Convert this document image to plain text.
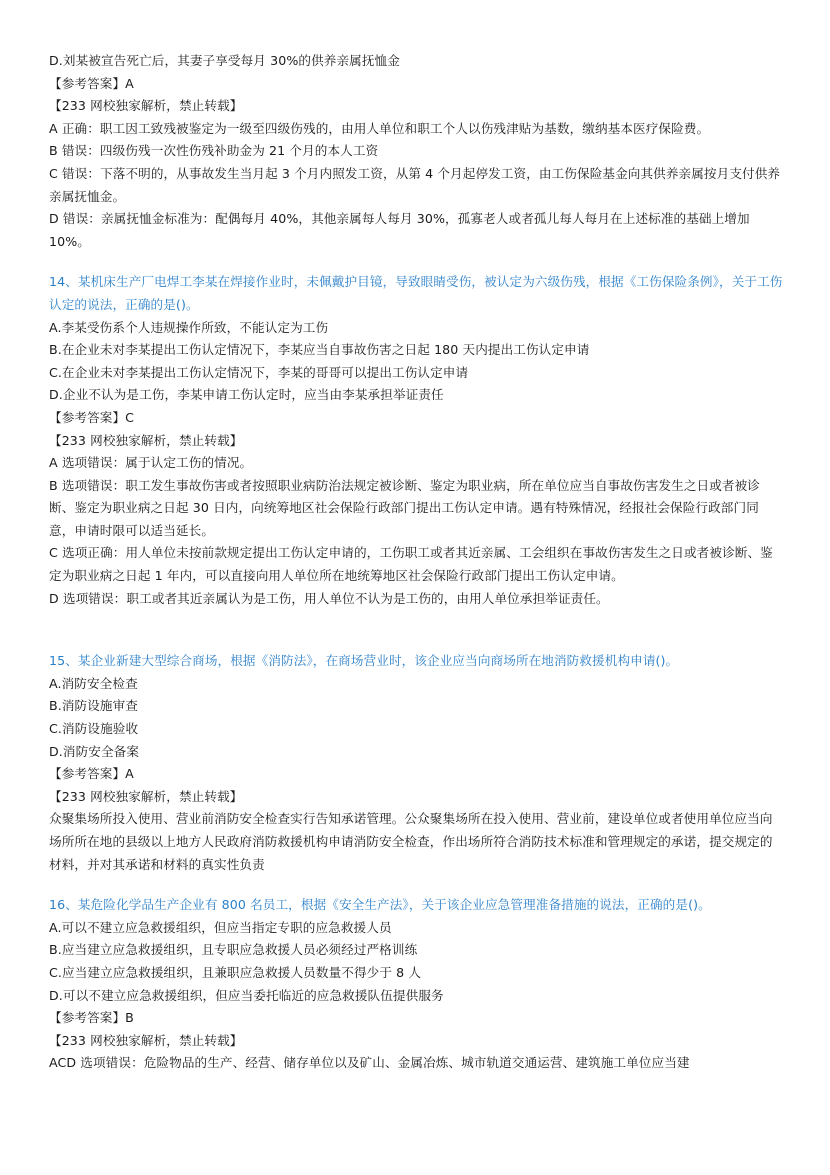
D.刘某被宣告死亡后，其妻子享受每月 30%的供养亲属抚恤金
【参考答案】A
【233 网校独家解析，禁止转载】
A 正确：职工因工致残被鉴定为一级至四级伤残的，由用人单位和职工个人以伤残津贴为基数，缴纳基本医疗保险费。
B 错误：四级伤残一次性伤残补助金为 21 个月的本人工资
C 错误：下落不明的，从事故发生当月起 3 个月内照发工资，从第 4 个月起停发工资，由工伤保险基金向其供养亲属按月支付供养亲属抚恤金。
D 错误：亲属抚恤金标准为：配偶每月 40%，其他亲属每人每月 30%，孤寡老人或者孤儿每人每月在上述标准的基础上增加 10%。
14、某机床生产厂电焊工李某在焊接作业时，未佩戴护目镜，导致眼睛受伤，被认定为六级伤残，根据《工伤保险条例》，关于工伤认定的说法，正确的是()。
A.李某受伤系个人违规操作所致，不能认定为工伤
B.在企业未对李某提出工伤认定情况下，李某应当自事故伤害之日起 180 天内提出工伤认定申请
C.在企业未对李某提出工伤认定情况下，李某的哥哥可以提出工伤认定申请
D.企业不认为是工伤，李某申请工伤认定时，应当由李某承担举证责任
【参考答案】C
【233 网校独家解析，禁止转载】
A 选项错误：属于认定工伤的情况。
B 选项错误：职工发生事故伤害或者按照职业病防治法规定被诊断、鉴定为职业病，所在单位应当自事故伤害发生之日或者被诊断、鉴定为职业病之日起 30 日内，向统筹地区社会保险行政部门提出工伤认定申请。遇有特殊情况，经报社会保险行政部门同意，申请时限可以适当延长。
C 选项正确：用人单位未按前款规定提出工伤认定申请的，工伤职工或者其近亲属、工会组织在事故伤害发生之日或者被诊断、鉴定为职业病之日起 1 年内，可以直接向用人单位所在地统筹地区社会保险行政部门提出工伤认定申请。
D 选项错误：职工或者其近亲属认为是工伤，用人单位不认为是工伤的，由用人单位承担举证责任。
15、某企业新建大型综合商场，根据《消防法》，在商场营业时，该企业应当向商场所在地消防救援机构申请()。
A.消防安全检查
B.消防设施审查
C.消防设施验收
D.消防安全备案
【参考答案】A
【233 网校独家解析，禁止转载】
众聚集场所投入使用、营业前消防安全检查实行告知承诺管理。公众聚集场所在投入使用、营业前，建设单位或者使用单位应当向场所所在地的县级以上地方人民政府消防救援机构申请消防安全检查，作出场所符合消防技术标准和管理规定的承诺，提交规定的材料，并对其承诺和材料的真实性负责
16、某危险化学品生产企业有 800 名员工，根据《安全生产法》，关于该企业应急管理准备措施的说法，正确的是()。
A.可以不建立应急救援组织，但应当指定专职的应急救援人员
B.应当建立应急救援组织，且专职应急救援人员必须经过严格训练
C.应当建立应急救援组织，且兼职应急救援人员数量不得少于 8 人
D.可以不建立应急救援组织，但应当委托临近的应急救援队伍提供服务
【参考答案】B
【233 网校独家解析，禁止转载】
ACD 选项错误：危险物品的生产、经营、储存单位以及矿山、金属冶炼、城市轨道交通运营、建筑施工单位应当建
